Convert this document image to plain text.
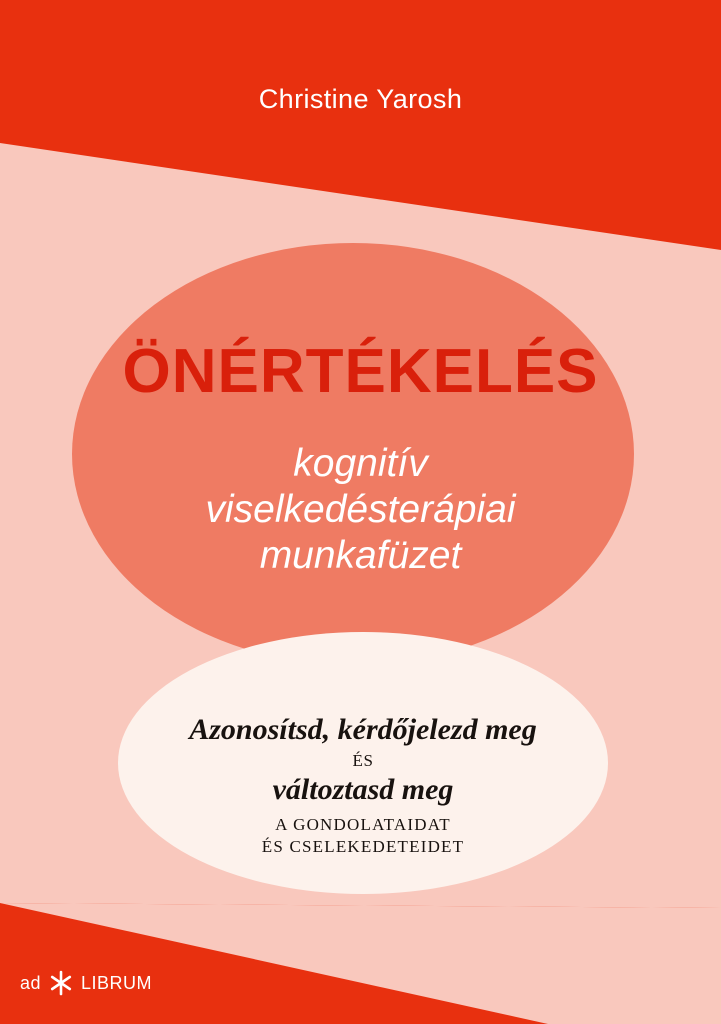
Christine Yarosh
ÖNÉRTÉKELÉS
kognitív
viselkedésterápiai
munkafüzet
Azonosítsd, kérdőjelezd meg
ÉS
változtasd meg
A GONDOLATAIDAT
ÉS CSELEKEDETEIDET
ad LIBRUM
